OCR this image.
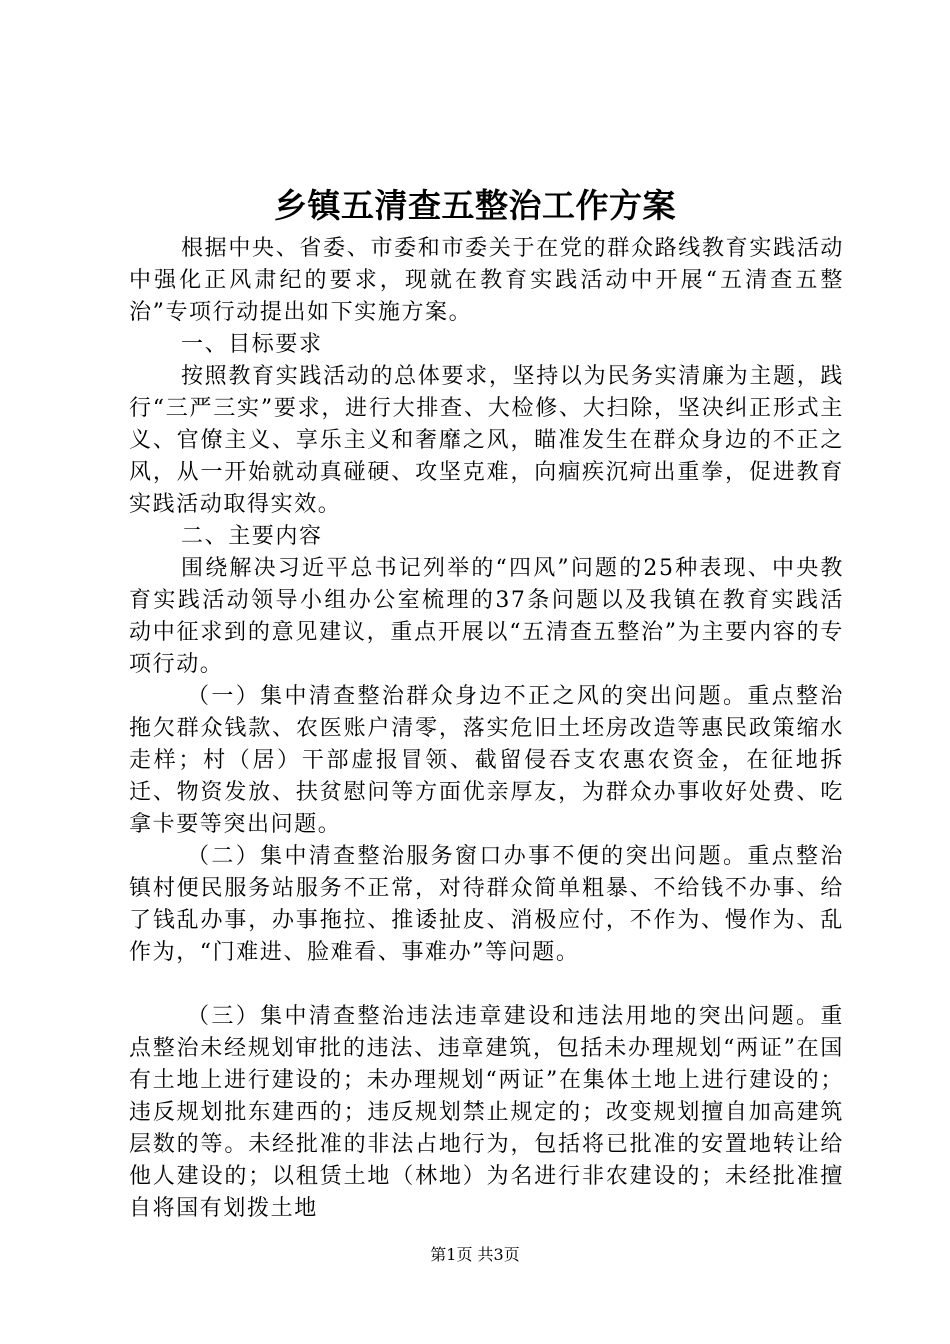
乡镇五清查五整治工作方案

根据中央、省委、市委和市委关于在党的群众路线教育实践活动中强化正风肃纪的要求，现就在教育实践活动中开展“五清查五整治”专项行动提出如下实施方案。

一、目标要求

按照教育实践活动的总体要求，坚持以为民务实清廉为主题，践行“三严三实”要求，进行大排查、大检修、大扫除，坚决纠正形式主义、官僚主义、享乐主义和奢靡之风，瞄准发生在群众身边的不正之风，从一开始就动真碰硬、攻坚克难，向痼疾沉疴出重拳，促进教育实践活动取得实效。

二、主要内容

围绕解决习近平总书记列举的“四风”问题的25种表现、中央教育实践活动领导小组办公室梳理的37条问题以及我镇在教育实践活动中征求到的意见建议，重点开展以“五清查五整治”为主要内容的专项行动。

（一）集中清查整治群众身边不正之风的突出问题。重点整治拖欠群众钱款、农医账户清零，落实危旧土坯房改造等惠民政策缩水走样；村（居）干部虚报冒领、截留侵吞支农惠农资金，在征地拆迁、物资发放、扶贫慰问等方面优亲厚友，为群众办事收好处费、吃拿卡要等突出问题。

（二）集中清查整治服务窗口办事不便的突出问题。重点整治镇村便民服务站服务不正常，对待群众简单粗暴、不给钱不办事、给了钱乱办事，办事拖拉、推诿扯皮、消极应付，不作为、慢作为、乱作为，“门难进、脸难看、事难办”等问题。

（三）集中清查整治违法违章建设和违法用地的突出问题。重点整治未经规划审批的违法、违章建筑，包括未办理规划“两证”在国有土地上进行建设的；未办理规划“两证”在集体土地上进行建设的；违反规划批东建西的；违反规划禁止规定的；改变规划擅自加高建筑层数的等。未经批准的非法占地行为，包括将已批准的安置地转让给他人建设的；以租赁土地（林地）为名进行非农建设的；未经批准擅自将国有划拨土地

第1页 共3页
